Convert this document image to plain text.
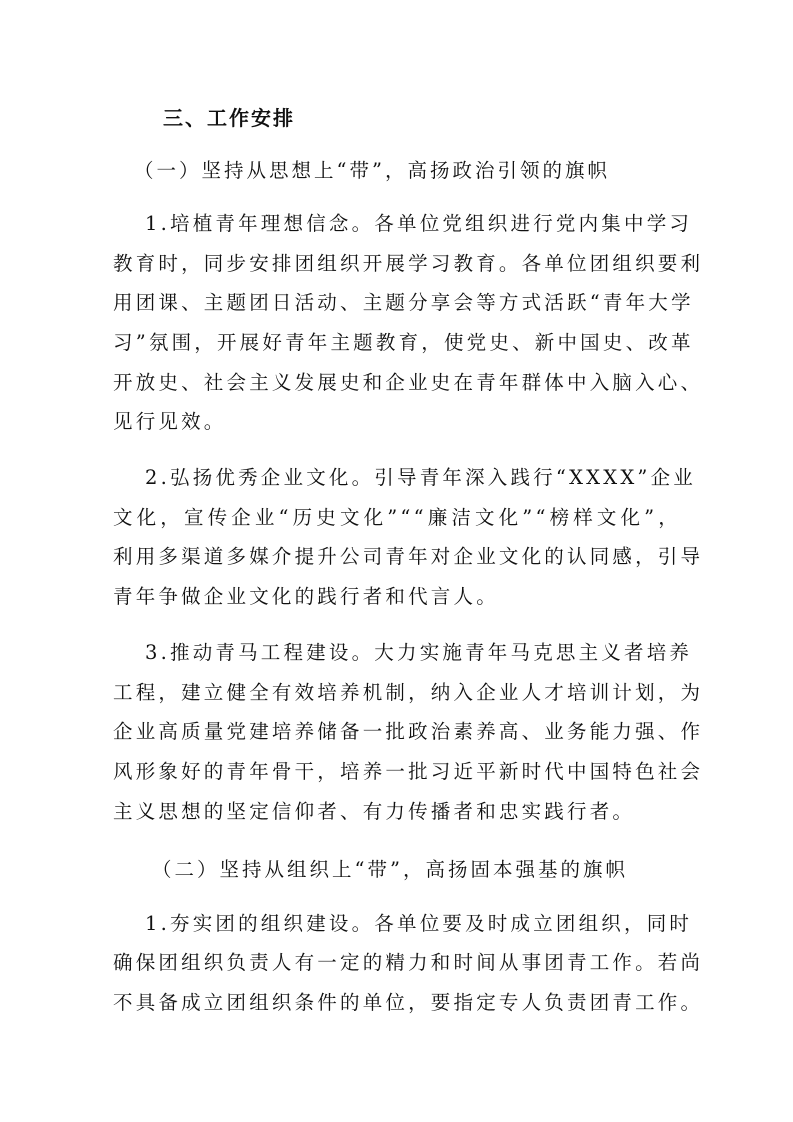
三、工作安排
（一）坚持从思想上“带”，高扬政治引领的旗帜
1.培植青年理想信念。各单位党组织进行党内集中学习
教育时，同步安排团组织开展学习教育。各单位团组织要利
用团课、主题团日活动、主题分享会等方式活跃“青年大学
习”氛围，开展好青年主题教育，使党史、新中国史、改革
开放史、社会主义发展史和企业史在青年群体中入脑入心、
见行见效。
2.弘扬优秀企业文化。引导青年深入践行“XXXX”企业
文化，宣传企业“历史文化”““廉洁文化”“榜样文化”，
利用多渠道多媒介提升公司青年对企业文化的认同感，引导
青年争做企业文化的践行者和代言人。
3.推动青马工程建设。大力实施青年马克思主义者培养
工程，建立健全有效培养机制，纳入企业人才培训计划，为
企业高质量党建培养储备一批政治素养高、业务能力强、作
风形象好的青年骨干，培养一批习近平新时代中国特色社会
主义思想的坚定信仰者、有力传播者和忠实践行者。
（二）坚持从组织上“带”，高扬固本强基的旗帜
1.夯实团的组织建设。各单位要及时成立团组织，同时
确保团组织负责人有一定的精力和时间从事团青工作。若尚
不具备成立团组织条件的单位，要指定专人负责团青工作。
